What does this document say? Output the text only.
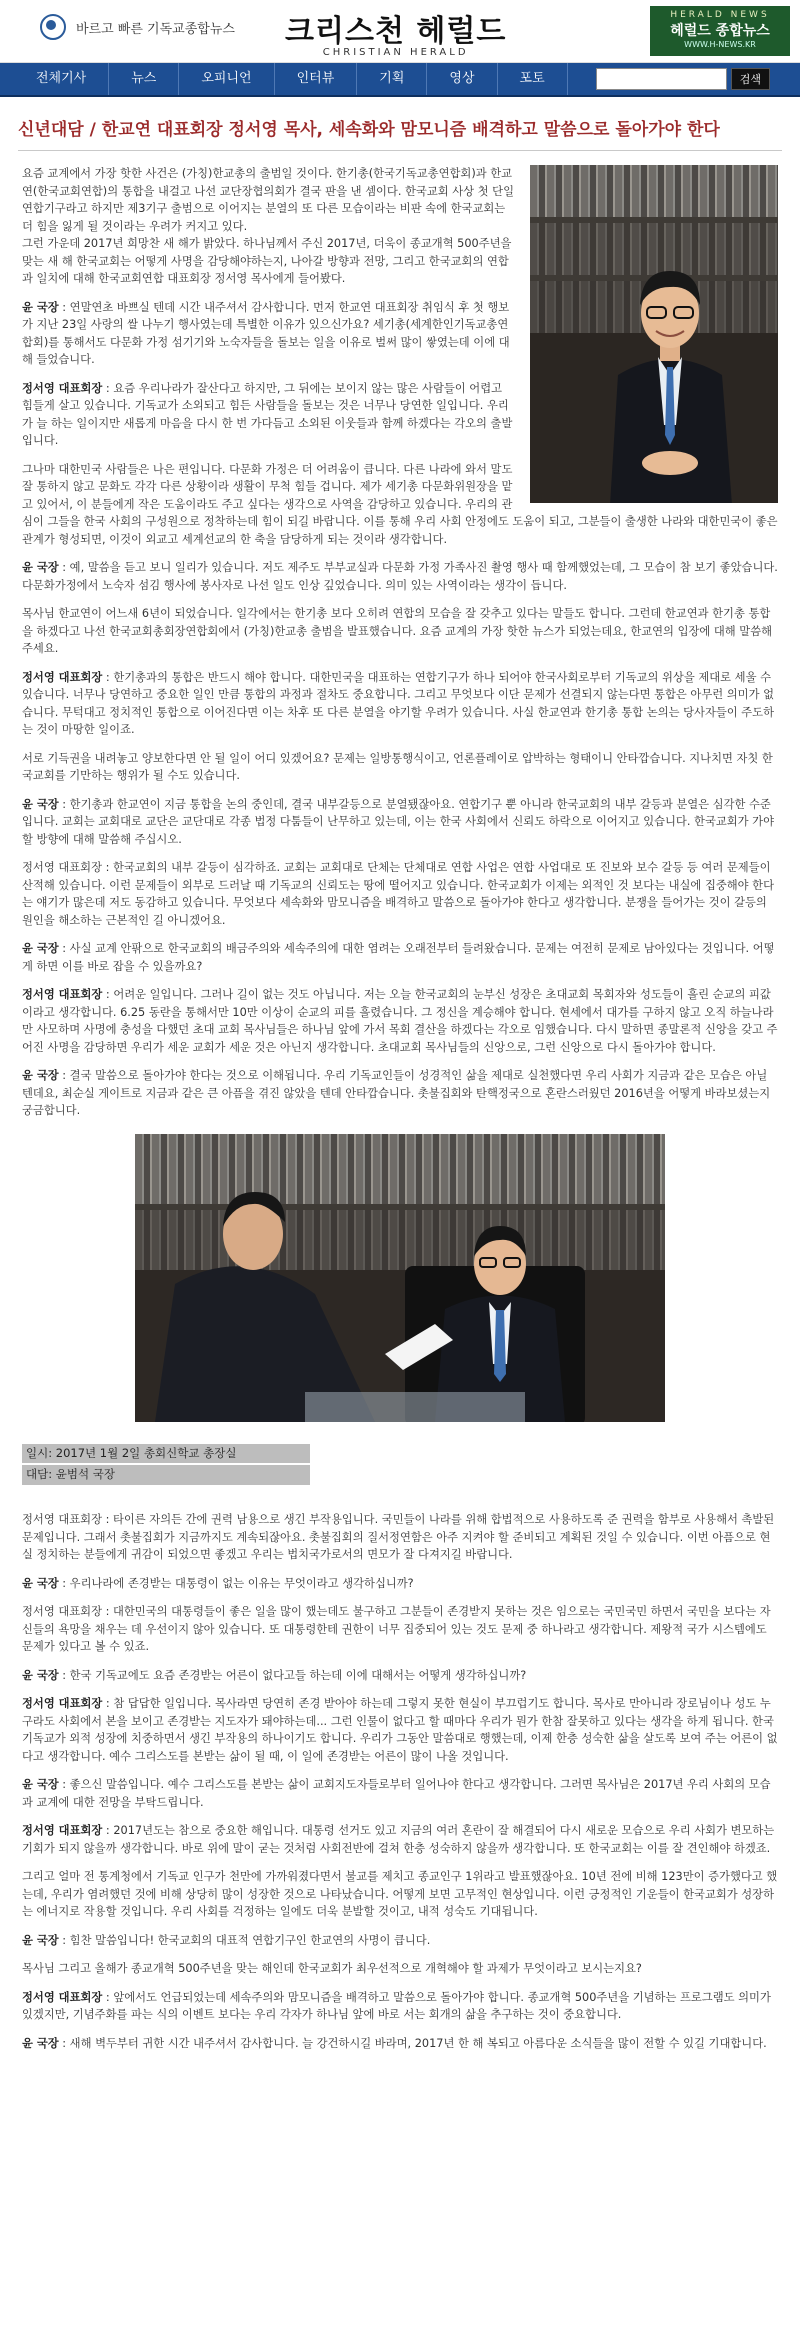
바르고 빠른 기독교종합뉴스 크리스천 헤럴드
CHRISTIAN HERALD
HERALD NEWS
헤럴드 종합뉴스
WWW.H-NEWS.KR
전체기사	뉴스	오피니언	인터뷰	기획	영상	포토	검색
신년대담 / 한교연 대표회장 정서영 목사, 세속화와 맘모니즘 배격하고 말씀으로 돌아가야 한다

요즘 교계에서 가장 핫한 사건은 (가칭)한교총의 출범일 것이다. 한기총(한국기독교총연합회)과 한교연(한국교회연합)의 통합을 내걸고 나선 교단장협의회가 결국 판을 낸 셈이다. 한국교회 사상 첫 단일 연합기구라고 하지만 제3기구 출범으로 이어지는 분열의 또 다른 모습이라는 비판 속에 한국교회는 더 힘을 잃게 될 것이라는 우려가 커지고 있다.

그런 가운데 2017년 희망찬 새 해가 밝았다. 하나님께서 주신 2017년, 더욱이 종교개혁 500주년을 맞는 새 해 한국교회는 어떻게 사명을 감당해야하는지, 나아갈 방향과 전망, 그리고 한국교회의 연합과 일치에 대해 한국교회연합 대표회장 정서영 목사에게 들어봤다.

윤 국장 : 연말연초 바쁘실 텐데 시간 내주셔서 감사합니다. 먼저 한교연 대표회장 취임식 후 첫 행보가 지난 23일 사랑의 쌀 나누기 행사였는데 특별한 이유가 있으신가요? 세기총(세계한인기독교총연합회)를 통해서도 다문화 가정 섬기기와 노숙자들을 돌보는 일을 이유로 벌써 많이 쌓였는데 이에 대해 들었습니다.

정서영 대표회장 : 요즘 우리나라가 잘산다고 하지만, 그 뒤에는 보이지 않는 많은 사람들이 어렵고 힘들게 살고 있습니다. 기독교가 소외되고 힘든 사람들을 돌보는 것은 너무나 당연한 일입니다. 우리가 늘 하는 일이지만 새롭게 마음을 다시 한 번 가다듬고 소외된 이웃들과 함께 하겠다는 각오의 출발입니다.

그나마 대한민국 사람들은 나은 편입니다. 다문화 가정은 더 어려움이 큽니다. 다른 나라에 와서 말도 잘 통하지 않고 문화도 각각 다른 상황이라 생활이 무척 힘들 겁니다. 제가 세기총 다문화위원장을 맡고 있어서, 이 분들에게 작은 도움이라도 주고 싶다는 생각으로 사역을 감당하고 있습니다. 우리의 관심이 그들을 한국 사회의 구성원으로 정착하는데 힘이 되길 바랍니다. 이를 통해 우리 사회 안정에도 도움이 되고, 그분들이 출생한 나라와 대한민국이 좋은 관계가 형성되면, 이것이 외교고 세계선교의 한 축을 담당하게 되는 것이라 생각합니다.

윤 국장 : 예, 말씀을 듣고 보니 일리가 있습니다. 저도 제주도 부부교실과 다문화 가정 가족사진 촬영 행사 때 함께했었는데, 그 모습이 참 보기 좋았습니다. 다문화가정에서 노숙자 섬김 행사에 봉사자로 나선 일도 인상 깊었습니다. 의미 있는 사역이라는 생각이 듭니다.

목사님 한교연이 어느새 6년이 되었습니다. 일각에서는 한기총 보다 오히려 연합의 모습을 잘 갖추고 있다는 말들도 합니다. 그런데 한교연과 한기총 통합을 하겠다고 나선 한국교회총회장연합회에서 (가칭)한교총 출범을 발표했습니다. 요즘 교계의 가장 핫한 뉴스가 되었는데요, 한교연의 입장에 대해 말씀해 주세요.

정서영 대표회장 : 한기총과의 통합은 반드시 해야 합니다. 대한민국을 대표하는 연합기구가 하나 되어야 한국사회로부터 기독교의 위상을 제대로 세울 수 있습니다. 너무나 당연하고 중요한 일인 만큼 통합의 과정과 절차도 중요합니다. 그리고 무엇보다 이단 문제가 선결되지 않는다면 통합은 아무런 의미가 없습니다. 무턱대고 정치적인 통합으로 이어진다면 이는 차후 또 다른 분열을 야기할 우려가 있습니다. 사실 한교연과 한기총 통합 논의는 당사자들이 주도하는 것이 마땅한 일이죠.

서로 기득권을 내려놓고 양보한다면 안 될 일이 어디 있겠어요? 문제는 일방통행식이고, 언론플레이로 압박하는 형태이니 안타깝습니다. 지나치면 자칫 한국교회를 기만하는 행위가 될 수도 있습니다.

윤 국장 : 한기총과 한교연이 지금 통합을 논의 중인데, 결국 내부갈등으로 분열됐잖아요. 연합기구 뿐 아니라 한국교회의 내부 갈등과 분열은 심각한 수준입니다. 교회는 교회대로 교단은 교단대로 각종 법정 다툼들이 난무하고 있는데, 이는 한국 사회에서 신뢰도 하락으로 이어지고 있습니다. 한국교회가 가야할 방향에 대해 말씀해 주십시오.

정서영 대표회장 : 한국교회의 내부 갈등이 심각하죠. 교회는 교회대로 단체는 단체대로 연합 사업은 연합 사업대로 또 진보와 보수 갈등 등 여러 문제들이 산적해 있습니다. 이런 문제들이 외부로 드러날 때 기독교의 신뢰도는 땅에 떨어지고 있습니다. 한국교회가 이제는 외적인 것 보다는 내실에 집중해야 한다는 얘기가 많은데 저도 동감하고 있습니다. 무엇보다 세속화와 맘모니즘을 배격하고 말씀으로 돌아가야 한다고 생각합니다. 분쟁을 들어가는 것이 갈등의 원인을 해소하는 근본적인 길 아니겠어요.

윤 국장 : 사실 교계 안팎으로 한국교회의 배금주의와 세속주의에 대한 염려는 오래전부터 들려왔습니다. 문제는 여전히 문제로 남아있다는 것입니다. 어떻게 하면 이를 바로 잡을 수 있을까요?

정서영 대표회장 : 어려운 일입니다. 그러나 길이 없는 것도 아닙니다. 저는 오늘 한국교회의 눈부신 성장은 초대교회 목회자와 성도들이 흘린 순교의 피값이라고 생각합니다. 6.25 동란을 통해서만 10만 이상이 순교의 피를 흘렸습니다. 그 정신을 계승해야 합니다. 현세에서 대가를 구하지 않고 오직 하늘나라만 사모하며 사명에 충성을 다했던 초대 교회 목사님들은 하나님 앞에 가서 목회 결산을 하겠다는 각오로 임했습니다. 다시 말하면 종말론적 신앙을 갖고 주어진 사명을 감당하면 우리가 세운 교회가 세운 것은 아닌지 생각합니다. 초대교회 목사님들의 신앙으로, 그런 신앙으로 다시 돌아가야 합니다.

윤 국장 : 결국 말씀으로 돌아가야 한다는 것으로 이해됩니다. 우리 기독교인들이 성경적인 삶을 제대로 실천했다면 우리 사회가 지금과 같은 모습은 아닐 텐데요, 최순실 게이트로 지금과 같은 큰 아픔을 겪진 않았을 텐데 안타깝습니다. 촛불집회와 탄핵정국으로 혼란스러웠던 2016년을 어떻게 바라보셨는지 궁금합니다.

일시: 2017년 1월 2일 총회신학교 총장실
대담: 윤범석 국장

정서영 대표회장 : 타이른 자의든 간에 권력 남용으로 생긴 부작용입니다. 국민들이 나라를 위해 합법적으로 사용하도록 준 권력을 함부로 사용해서 촉발된 문제입니다. 그래서 촛불집회가 지금까지도 계속되잖아요. 촛불집회의 질서정연함은 아주 지켜야 할 준비되고 계획된 것일 수 있습니다. 이번 아픔으로 현실 정치하는 분들에게 귀감이 되었으면 좋겠고 우리는 법치국가로서의 면모가 잘 다져지길 바랍니다.

윤 국장 : 우리나라에 존경받는 대통령이 없는 이유는 무엇이라고 생각하십니까?

정서영 대표회장 : 대한민국의 대통령들이 좋은 일을 많이 했는데도 불구하고 그분들이 존경받지 못하는 것은 임으로는 국민국민 하면서 국민을 보다는 자신들의 욕망을 채우는 데 우선이지 않아 있습니다. 또 대통령한테 권한이 너무 집중되어 있는 것도 문제 중 하나라고 생각합니다. 제왕적 국가 시스템에도 문제가 있다고 볼 수 있죠.

윤 국장 : 한국 기독교에도 요즘 존경받는 어른이 없다고들 하는데 이에 대해서는 어떻게 생각하십니까?

정서영 대표회장 : 참 답답한 일입니다. 목사라면 당연히 존경 받아야 하는데 그렇지 못한 현실이 부끄럽기도 합니다. 목사로 만아니라 장로님이나 성도 누구라도 사회에서 본을 보이고 존경받는 지도자가 돼야하는데... 그런 인물이 없다고 할 때마다 우리가 뭔가 한참 잘못하고 있다는 생각을 하게 됩니다. 한국 기독교가 외적 성장에 치중하면서 생긴 부작용의 하나이기도 합니다. 우리가 그동안 말씀대로 행했는데, 이제 한층 성숙한 삶을 살도록 보여 주는 어른이 없다고 생각합니다. 예수 그리스도를 본받는 삶이 될 때, 이 일에 존경받는 어른이 많이 나올 것입니다.

윤 국장 : 좋으신 말씀입니다. 예수 그리스도를 본받는 삶이 교회지도자들로부터 일어나야 한다고 생각합니다. 그러면 목사님은 2017년 우리 사회의 모습과 교계에 대한 전망을 부탁드립니다.

정서영 대표회장 : 2017년도는 참으로 중요한 해입니다. 대통령 선거도 있고 지금의 여러 혼란이 잘 해결되어 다시 새로운 모습으로 우리 사회가 변모하는 기회가 되지 않을까 생각합니다. 바로 위에 말이 굳는 것처럼 사회전반에 걸쳐 한층 성숙하지 않을까 생각합니다. 또 한국교회는 이를 잘 견인해야 하겠죠.

그리고 얼마 전 통계청에서 기독교 인구가 천만에 가까워졌다면서 불교를 제치고 종교인구 1위라고 발표했잖아요. 10년 전에 비해 123만이 증가했다고 했는데, 우리가 염려했던 것에 비해 상당히 많이 성장한 것으로 나타났습니다. 어떻게 보면 고무적인 현상입니다. 이런 긍정적인 기운들이 한국교회가 성장하는 에너지로 작용할 것입니다. 우리 사회를 걱정하는 일에도 더욱 분발할 것이고, 내적 성숙도 기대됩니다.

윤 국장 : 힘찬 말씀입니다! 한국교회의 대표적 연합기구인 한교연의 사명이 큽니다.

목사님 그리고 올해가 종교개혁 500주년을 맞는 해인데 한국교회가 최우선적으로 개혁해야 할 과제가 무엇이라고 보시는지요?

정서영 대표회장 : 앞에서도 언급되었는데 세속주의와 맘모니즘을 배격하고 말씀으로 돌아가야 합니다. 종교개혁 500주년을 기념하는 프로그램도 의미가 있겠지만, 기념주화를 파는 식의 이벤트 보다는 우리 각자가 하나님 앞에 바로 서는 회개의 삶을 추구하는 것이 중요합니다.

윤 국장 : 새해 벽두부터 귀한 시간 내주셔서 감사합니다. 늘 강건하시길 바라며, 2017년 한 해 복되고 아름다운 소식들을 많이 전할 수 있길 기대합니다.
